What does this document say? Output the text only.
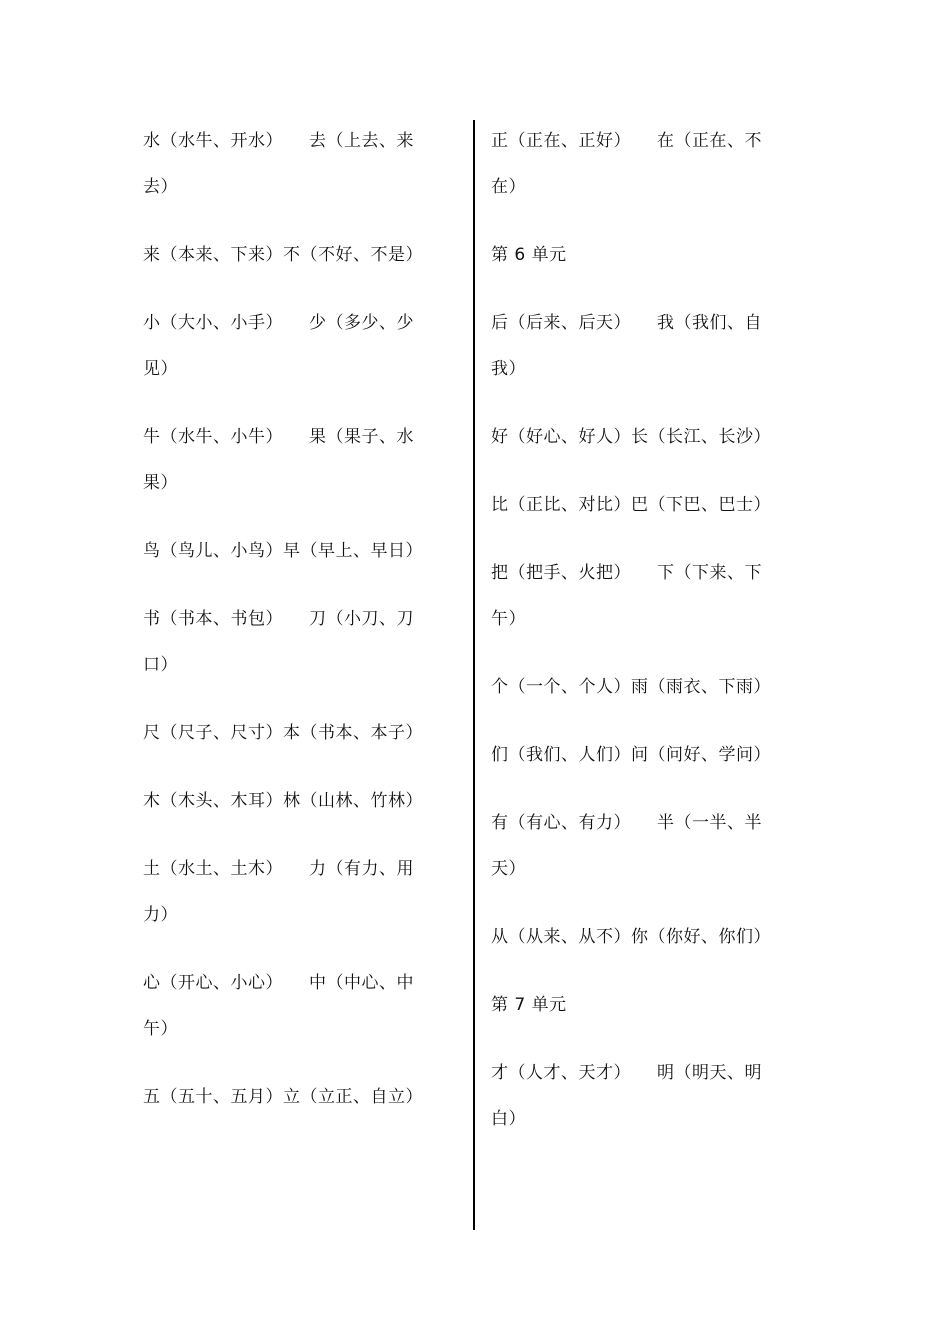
水（水牛、开水） 去（上去、来去）
来（本来、下来）不（不好、不是）
小（大小、小手） 少（多少、少见）
牛（水牛、小牛） 果（果子、水果）
鸟（鸟儿、小鸟）早（早上、早日）
书（书本、书包） 刀（小刀、刀口）
尺（尺子、尺寸）本（书本、本子）
木（木头、木耳）林（山林、竹林）
土（水土、土木） 力（有力、用力）
心（开心、小心） 中（中心、中午）
五（五十、五月）立（立正、自立）
正（正在、正好） 在（正在、不在）
第 6 单元
后（后来、后天） 我（我们、自我）
好（好心、好人）长（长江、长沙）
比（正比、对比）巴（下巴、巴士）
把（把手、火把） 下（下来、下午）
个（一个、个人）雨（雨衣、下雨）
们（我们、人们）问（问好、学问）
有（有心、有力） 半（一半、半天）
从（从来、从不）你（你好、你们）
第 7 单元
才（人才、天才） 明（明天、明白）
